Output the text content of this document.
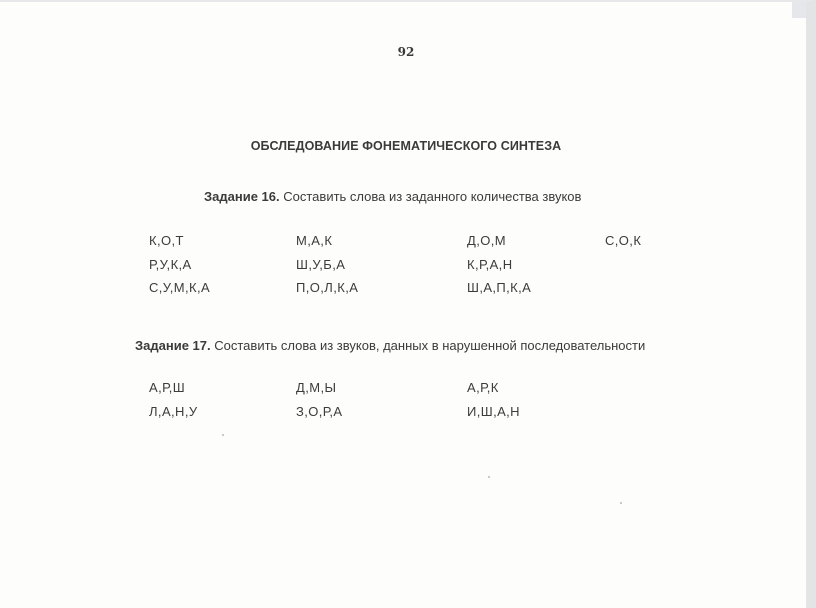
92
ОБСЛЕДОВАНИЕ ФОНЕМАТИЧЕСКОГО СИНТЕЗА
Задание 16. Составить слова из заданного количества звуков
К,О,Т	М,А,К	Д,О,М	С,О,К
Р,У,К,А	Ш,У,Б,А	К,Р,А,Н
С,У,М,К,А	П,О,Л,К,А	Ш,А,П,К,А
Задание 17. Составить слова из звуков, данных в нарушенной последовательности
А,Р,Ш	Д,М,Ы	А,Р,К
Л,А,Н,У	З,О,Р,А	И,Ш,А,Н
